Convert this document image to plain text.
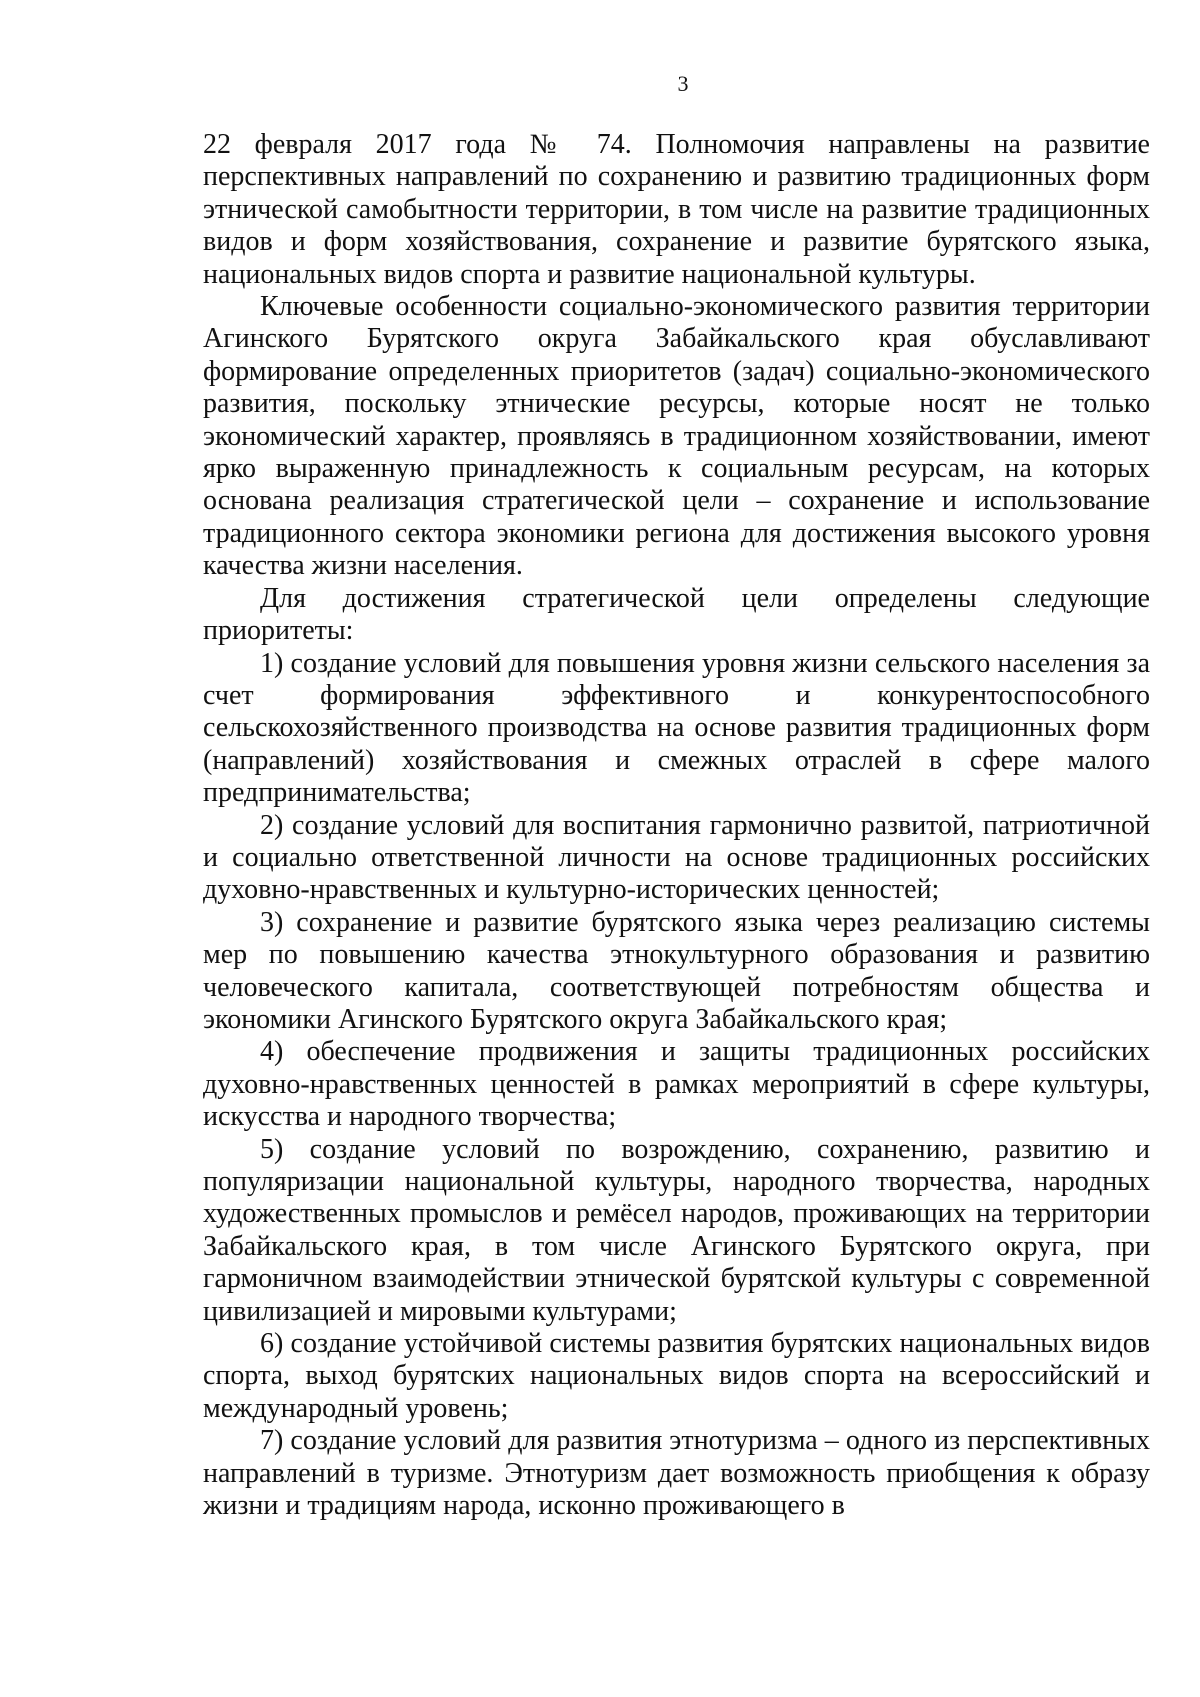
3

22 февраля 2017 года № 74. Полномочия направлены на развитие перспективных направлений по сохранению и развитию традиционных форм этнической самобытности территории, в том числе на развитие традиционных видов и форм хозяйствования, сохранение и развитие бурятского языка, национальных видов спорта и развитие национальной культуры.

Ключевые особенности социально-экономического развития территории Агинского Бурятского округа Забайкальского края обуславливают формирование определенных приоритетов (задач) социально-экономического развития, поскольку этнические ресурсы, которые носят не только экономический характер, проявляясь в традиционном хозяйствовании, имеют ярко выраженную принадлежность к социальным ресурсам, на которых основана реализация стратегической цели – сохранение и использование традиционного сектора экономики региона для достижения высокого уровня качества жизни населения.

Для достижения стратегической цели определены следующие приоритеты:

1) создание условий для повышения уровня жизни сельского населения за счет формирования эффективного и конкурентоспособного сельскохозяйственного производства на основе развития традиционных форм (направлений) хозяйствования и смежных отраслей в сфере малого предпринимательства;

2) создание условий для воспитания гармонично развитой, патриотичной и социально ответственной личности на основе традиционных российских духовно-нравственных и культурно-исторических ценностей;

3) сохранение и развитие бурятского языка через реализацию системы мер по повышению качества этнокультурного образования и развитию человеческого капитала, соответствующей потребностям общества и экономики Агинского Бурятского округа Забайкальского края;

4) обеспечение продвижения и защиты традиционных российских духовно-нравственных ценностей в рамках мероприятий в сфере культуры, искусства и народного творчества;

5) создание условий по возрождению, сохранению, развитию и популяризации национальной культуры, народного творчества, народных художественных промыслов и ремёсел народов, проживающих на территории Забайкальского края, в том числе Агинского Бурятского округа, при гармоничном взаимодействии этнической бурятской культуры с современной цивилизацией и мировыми культурами;

6) создание устойчивой системы развития бурятских национальных видов спорта, выход бурятских национальных видов спорта на всероссийский и международный уровень;

7) создание условий для развития этнотуризма – одного из перспективных направлений в туризме. Этнотуризм дает возможность приобщения к образу жизни и традициям народа, исконно проживающего в
